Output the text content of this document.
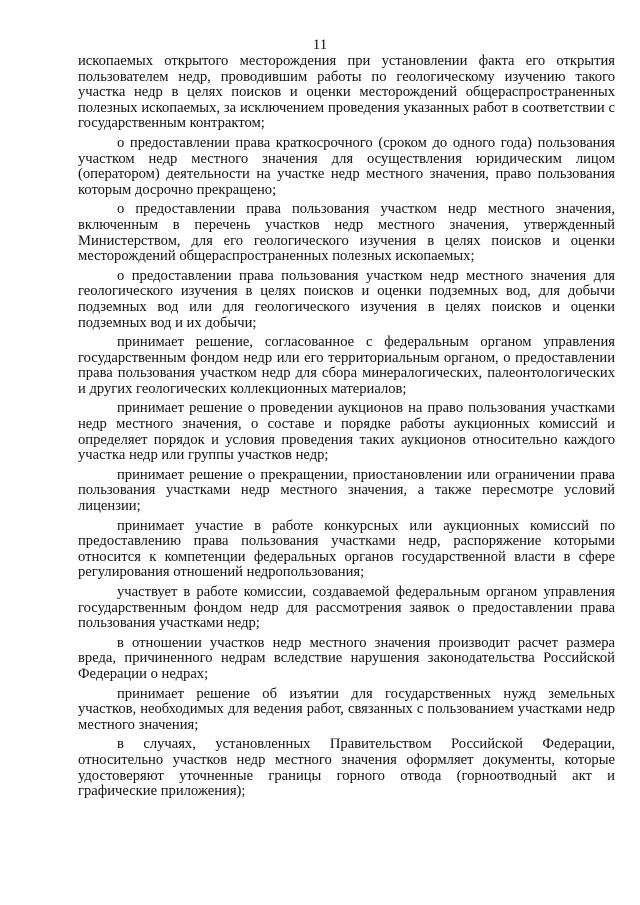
11

ископаемых открытого месторождения при установлении факта его открытия пользователем недр, проводившим работы по геологическому изучению такого участка недр в целях поисков и оценки месторождений общераспространенных полезных ископаемых, за исключением проведения указанных работ в соответствии с государственным контрактом;

о предоставлении права краткосрочного (сроком до одного года) пользования участком недр местного значения для осуществления юридическим лицом (оператором) деятельности на участке недр местного значения, право пользования которым досрочно прекращено;

о предоставлении права пользования участком недр местного значения, включенным в перечень участков недр местного значения, утвержденный Министерством, для его геологического изучения в целях поисков и оценки месторождений общераспространенных полезных ископаемых;

о предоставлении права пользования участком недр местного значения для геологического изучения в целях поисков и оценки подземных вод, для добычи подземных вод или для геологического изучения в целях поисков и оценки подземных вод и их добычи;

принимает решение, согласованное с федеральным органом управления государственным фондом недр или его территориальным органом, о предоставлении права пользования участком недр для сбора минералогических, палеонтологических и других геологических коллекционных материалов;

принимает решение о проведении аукционов на право пользования участками недр местного значения, о составе и порядке работы аукционных комиссий и определяет порядок и условия проведения таких аукционов относительно каждого участка недр или группы участков недр;

принимает решение о прекращении, приостановлении или ограничении права пользования участками недр местного значения, а также пересмотре условий лицензии;

принимает участие в работе конкурсных или аукционных комиссий по предоставлению права пользования участками недр, распоряжение которыми относится к компетенции федеральных органов государственной власти в сфере регулирования отношений недропользования;

участвует в работе комиссии, создаваемой федеральным органом управления государственным фондом недр для рассмотрения заявок о предоставлении права пользования участками недр;

в отношении участков недр местного значения производит расчет размера вреда, причиненного недрам вследствие нарушения законодательства Российской Федерации о недрах;

принимает решение об изъятии для государственных нужд земельных участков, необходимых для ведения работ, связанных с пользованием участками недр местного значения;

в случаях, установленных Правительством Российской Федерации, относительно участков недр местного значения оформляет документы, которые удостоверяют уточненные границы горного отвода (горноотводный акт и графические приложения);
